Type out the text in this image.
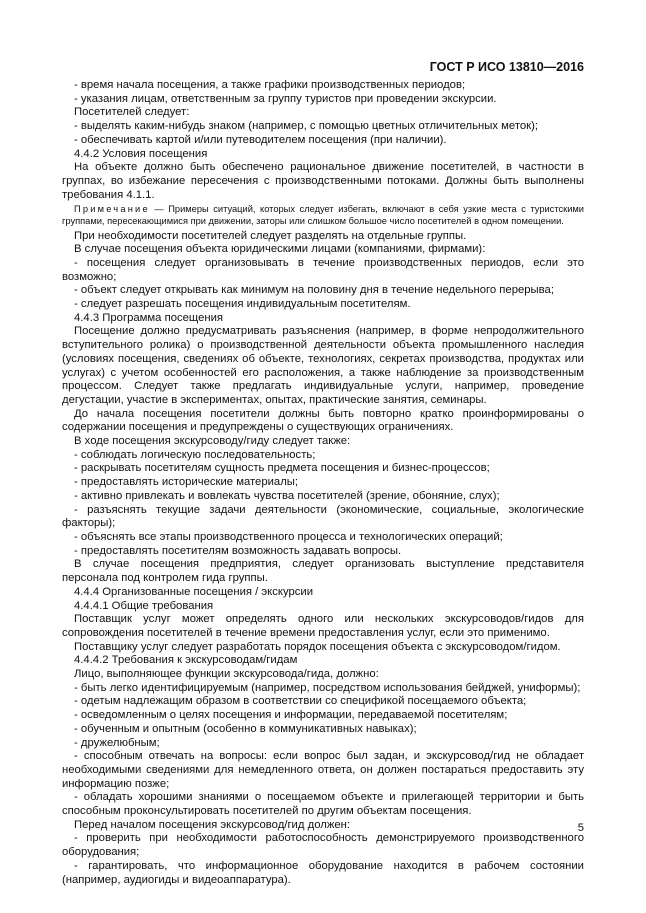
ГОСТ Р ИСО 13810—2016

- время начала посещения, а также графики производственных периодов;

- указания лицам, ответственным за группу туристов при проведении экскурсии.

Посетителей следует:

- выделять каким-нибудь знаком (например, с помощью цветных отличительных меток);

- обеспечивать картой и/или путеводителем посещения (при наличии).

4.4.2 Условия посещения

На объекте должно быть обеспечено рациональное движение посетителей, в частности в группах, во избежание пересечения с производственными потоками. Должны быть выполнены требования 4.1.1.

Примечание — Примеры ситуаций, которых следует избегать, включают в себя узкие места с туристскими группами, пересекающимися при движении, заторы или слишком большое число посетителей в одном помещении.

При необходимости посетителей следует разделять на отдельные группы.

В случае посещения объекта юридическими лицами (компаниями, фирмами):

- посещения следует организовывать в течение производственных периодов, если это возможно;

- объект следует открывать как минимум на половину дня в течение недельного перерыва;

- следует разрешать посещения индивидуальным посетителям.

4.4.3 Программа посещения

Посещение должно предусматривать разъяснения (например, в форме непродолжительного вступительного ролика) о производственной деятельности объекта промышленного наследия (условиях посещения, сведениях об объекте, технологиях, секретах производства, продуктах или услугах) с учетом особенностей его расположения, а также наблюдение за производственным процессом. Следует также предлагать индивидуальные услуги, например, проведение дегустации, участие в экспериментах, опытах, практические занятия, семинары.

До начала посещения посетители должны быть повторно кратко проинформированы о содержании посещения и предупреждены о существующих ограничениях.

В ходе посещения экскурсоводу/гиду следует также:

- соблюдать логическую последовательность;

- раскрывать посетителям сущность предмета посещения и бизнес-процессов;

- предоставлять исторические материалы;

- активно привлекать и вовлекать чувства посетителей (зрение, обоняние, слух);

- разъяснять текущие задачи деятельности (экономические, социальные, экологические факторы);

- объяснять все этапы производственного процесса и технологических операций;

- предоставлять посетителям возможность задавать вопросы.

В случае посещения предприятия, следует организовать выступление представителя персонала под контролем гида группы.

4.4.4 Организованные посещения / экскурсии

4.4.4.1 Общие требования

Поставщик услуг может определять одного или нескольких экскурсоводов/гидов для сопровождения посетителей в течение времени предоставления услуг, если это применимо.

Поставщику услуг следует разработать порядок посещения объекта с экскурсоводом/гидом.

4.4.4.2 Требования к экскурсоводам/гидам

Лицо, выполняющее функции экскурсовода/гида, должно:

- быть легко идентифицируемым (например, посредством использования бейджей, униформы);

- одетым надлежащим образом в соответствии со спецификой посещаемого объекта;

- осведомленным о целях посещения и информации, передаваемой посетителям;

- обученным и опытным (особенно в коммуникативных навыках);

- дружелюбным;

- способным отвечать на вопросы: если вопрос был задан, и экскурсовод/гид не обладает необходимыми сведениями для немедленного ответа, он должен постараться предоставить эту информацию позже;

- обладать хорошими знаниями о посещаемом объекте и прилегающей территории и быть способным проконсультировать посетителей по другим объектам посещения.

Перед началом посещения экскурсовод/гид должен:

- проверить при необходимости работоспособность демонстрируемого производственного оборудования;

- гарантировать, что информационное оборудование находится в рабочем состоянии (например, аудиогиды и видеоаппаратура).

5
